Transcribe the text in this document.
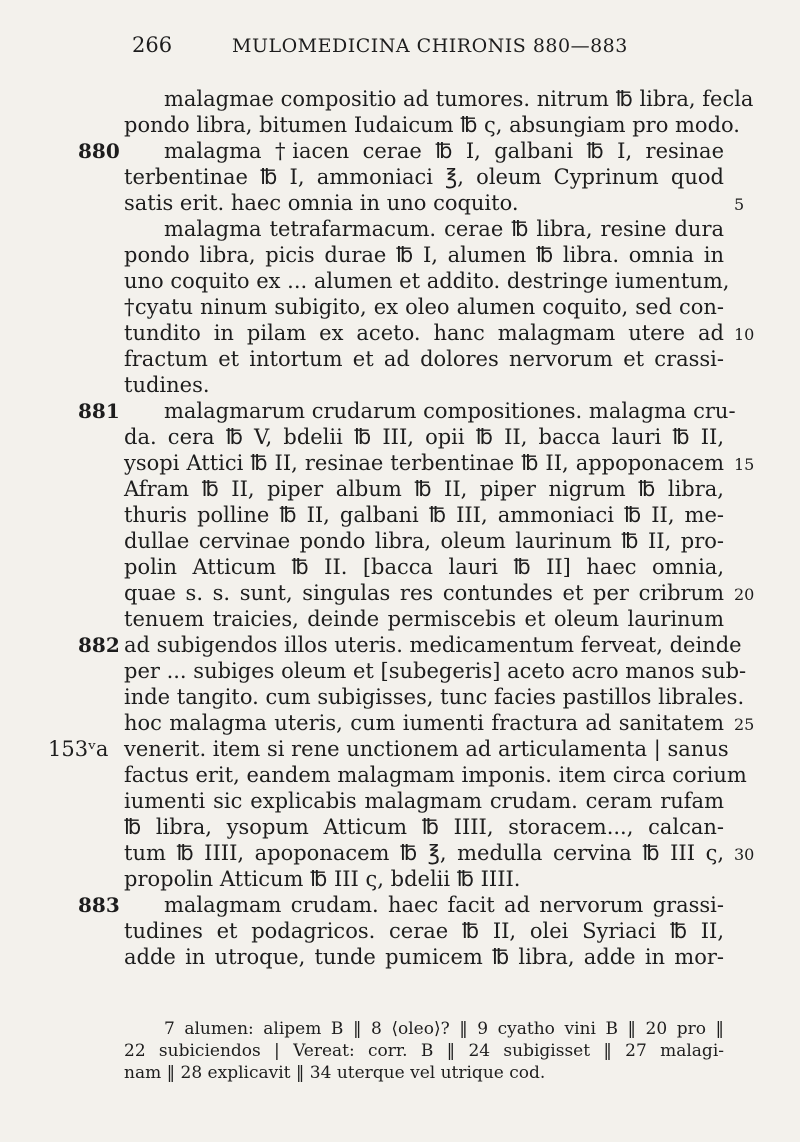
266	MULOMEDICINA CHIRONIS 880—883
malagmae compositio ad tumores. nitrum ℔ libra, fecla
pondo libra, bitumen Iudaicum ℔ ς, absungiam pro modo.
malagma †iacen cerae ℔ I, galbani ℔ I, resinae
terbentinae ℔ I, ammoniaci ℥, oleum Cyprinum quod
satis erit. haec omnia in uno coquito.
malagma tetrafarmacum. cerae ℔ libra, resine dura
pondo libra, picis durae ℔ I, alumen ℔ libra. omnia in
uno coquito ex ... alumen et addito. destringe iumentum,
†cyatu ninum subigito, ex oleo alumen coquito, sed con-
tundito in pilam ex aceto. hanc malagmam utere ad
fractum et intortum et ad dolores nervorum et crassi-
tudines.
malagmarum crudarum compositiones. malagma cru-
da. cera ℔ V, bdelii ℔ III, opii ℔ II, bacca lauri ℔ II,
ysopi Attici ℔ II, resinae terbentinae ℔ II, appoponacem
Afram ℔ II, piper album ℔ II, piper nigrum ℔ libra,
thuris polline ℔ II, galbani ℔ III, ammoniaci ℔ II, me-
dullae cervinae pondo libra, oleum laurinum ℔ II, pro-
polin Atticum ℔ II. [bacca lauri ℔ II] haec omnia,
quae s. s. sunt, singulas res contundes et per cribrum
tenuem traicies, deinde permiscebis et oleum laurinum
ad subigendos illos uteris. medicamentum ferveat, deinde
per ... subiges oleum et [subegeris] aceto acro manos sub-
inde tangito. cum subigisses, tunc facies pastillos librales.
hoc malagma uteris, cum iumenti fractura ad sanitatem
venerit. item si rene unctionem ad articulamenta | sanus
factus erit, eandem malagmam imponis. item circa corium
iumenti sic explicabis malagmam crudam. ceram rufam
℔ libra, ysopum Atticum ℔ IIII, storacem..., calcan-
tum ℔ IIII, apoponacem ℔ ℥, medulla cervina ℔ III ς,
propolin Atticum ℔ III ς, bdelii ℔ IIII.
malagmam crudam. haec facit ad nervorum grassi-
tudines et podagricos. cerae ℔ II, olei Syriaci ℔ II,
adde in utroque, tunde pumicem ℔ libra, adde in mor-
880
881
882
153ᵛa
883
5
10
15
20
25
30
7 alumen: alipem B ‖ 8 ⟨oleo⟩? ‖ 9 cyatho vini B ‖ 20 pro ‖
22 subiciendos | Vereat: corr. B ‖ 24 subigisset ‖ 27 malagi-
nam ‖ 28 explicavit ‖ 34 uterque vel utrique cod.
